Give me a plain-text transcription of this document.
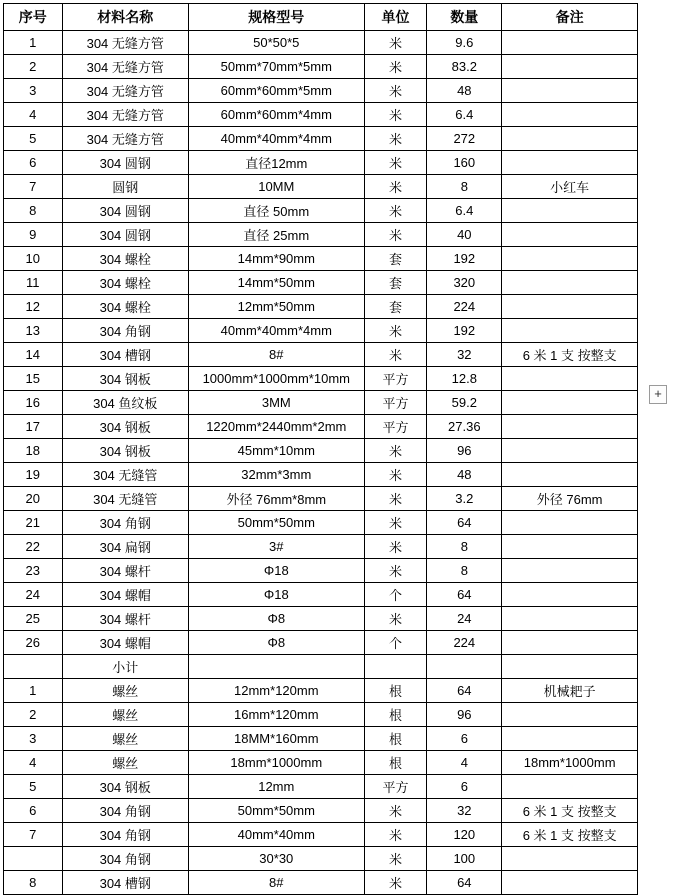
序号	材料名称	规格型号	单位	数量	备注
1	304 无缝方管	50*50*5	米	9.6	
2	304 无缝方管	50mm*70mm*5mm	米	83.2	
3	304 无缝方管	60mm*60mm*5mm	米	48	
4	304 无缝方管	60mm*60mm*4mm	米	6.4	
5	304 无缝方管	40mm*40mm*4mm	米	272	
6	304 圆钢	直径12mm	米	160	
7	圆钢	10MM	米	8	小红车
8	304 圆钢	直径 50mm	米	6.4	
9	304 圆钢	直径 25mm	米	40	
10	304 螺栓	14mm*90mm	套	192	
11	304 螺栓	14mm*50mm	套	320	
12	304 螺栓	12mm*50mm	套	224	
13	304 角钢	40mm*40mm*4mm	米	192	
14	304 槽钢	8#	米	32	6 米 1 支 按整支
15	304 钢板	1000mm*1000mm*10mm	平方	12.8	
16	304 鱼纹板	3MM	平方	59.2	
17	304 钢板	1220mm*2440mm*2mm	平方	27.36	
18	304 钢板	45mm*10mm	米	96	
19	304 无缝管	32mm*3mm	米	48	
20	304 无缝管	外径 76mm*8mm	米	3.2	外径 76mm
21	304 角钢	50mm*50mm	米	64	
22	304 扁钢	3#	米	8	
23	304 螺杆	Φ18	米	8	
24	304 螺帽	Φ18	个	64	
25	304 螺杆	Φ8	米	24	
26	304 螺帽	Φ8	个	224	
	小计				
1	螺丝	12mm*120mm	根	64	机械耙子
2	螺丝	16mm*120mm	根	96	
3	螺丝	18MM*160mm	根	6	
4	螺丝	18mm*1000mm	根	4	18mm*1000mm
5	304 钢板	12mm	平方	6	
6	304 角钢	50mm*50mm	米	32	6 米 1 支 按整支
7	304 角钢	40mm*40mm	米	120	6 米 1 支 按整支
	304 角钢	30*30	米	100	
8	304 槽钢	8#	米	64	
+
